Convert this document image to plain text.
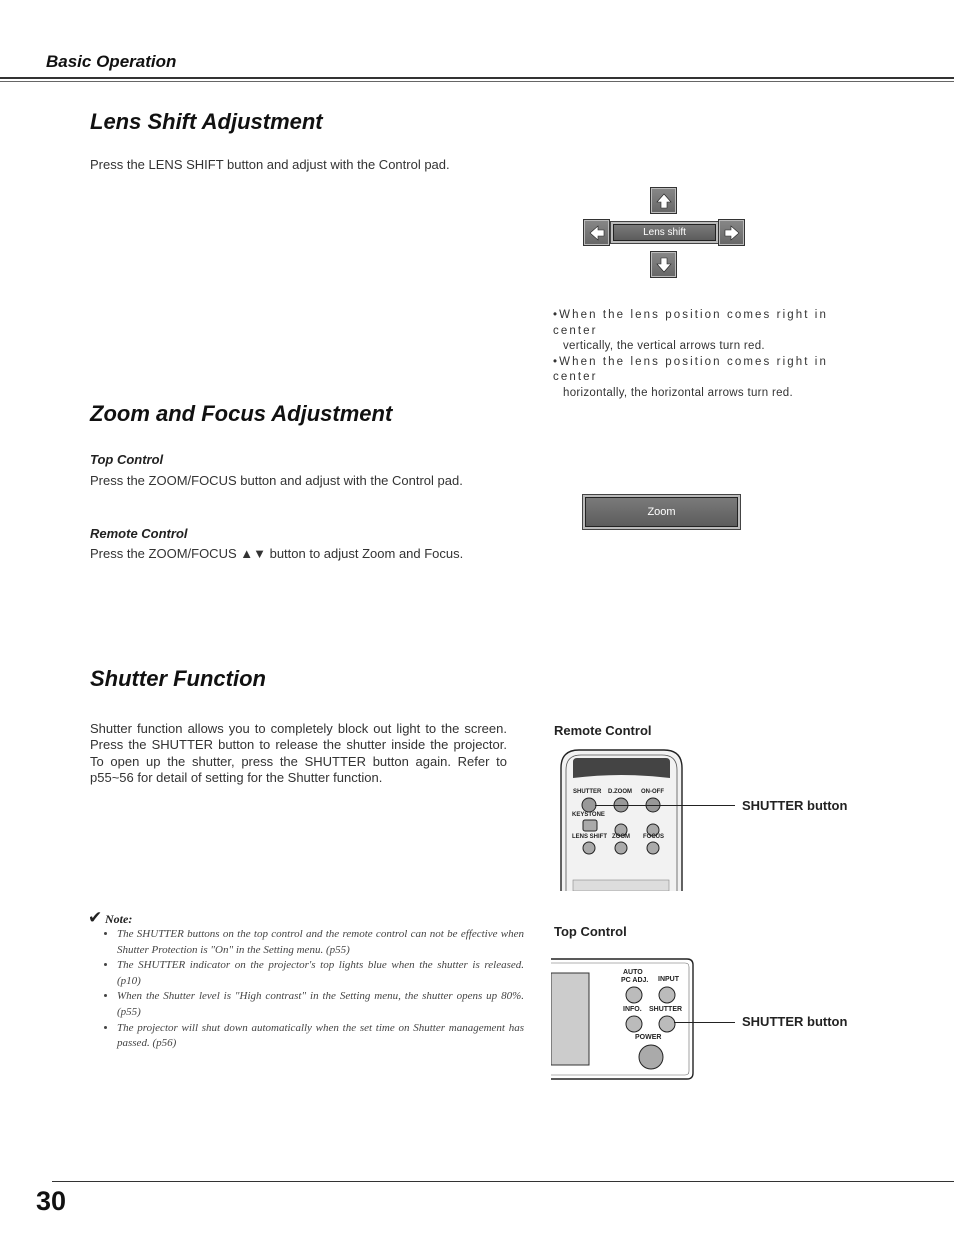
Basic Operation
Lens Shift Adjustment
Press the LENS SHIFT button and adjust with the Control pad.
Lens shift
•When the lens position comes right in center
vertically, the vertical arrows turn red.
•When the lens position comes right in center
horizontally, the horizontal arrows turn red.
Zoom and Focus Adjustment
Top Control
Press the ZOOM/FOCUS button and adjust with the Control pad.
Remote Control
Press the ZOOM/FOCUS ▲▼ button to adjust Zoom and Focus.
Zoom
Shutter Function
Shutter function allows you to completely block out light to the screen. Press the SHUTTER button to release the shutter inside the projector. To open up the shutter, press the SHUTTER button again. Refer to p55~56 for detail of setting for the Shutter function.
Remote Control
SHUTTER D.ZOOM ON-OFF
KEYSTONE
LENS SHIFT ZOOM FOCUS
SHUTTER button
Top Control
AUTO
PC ADJ. INPUT
INFO. SHUTTER
POWER
SHUTTER button
✔ Note:
• The SHUTTER buttons on the top control and the remote control can not be effective when Shutter Protection is "On" in the Setting menu. (p55)
• The SHUTTER indicator on the projector's top lights blue when the shutter is released. (p10)
• When the Shutter level is "High contrast" in the Setting menu, the shutter opens up 80%. (p55)
• The projector will shut down automatically when the set time on Shutter management has passed. (p56)
30
